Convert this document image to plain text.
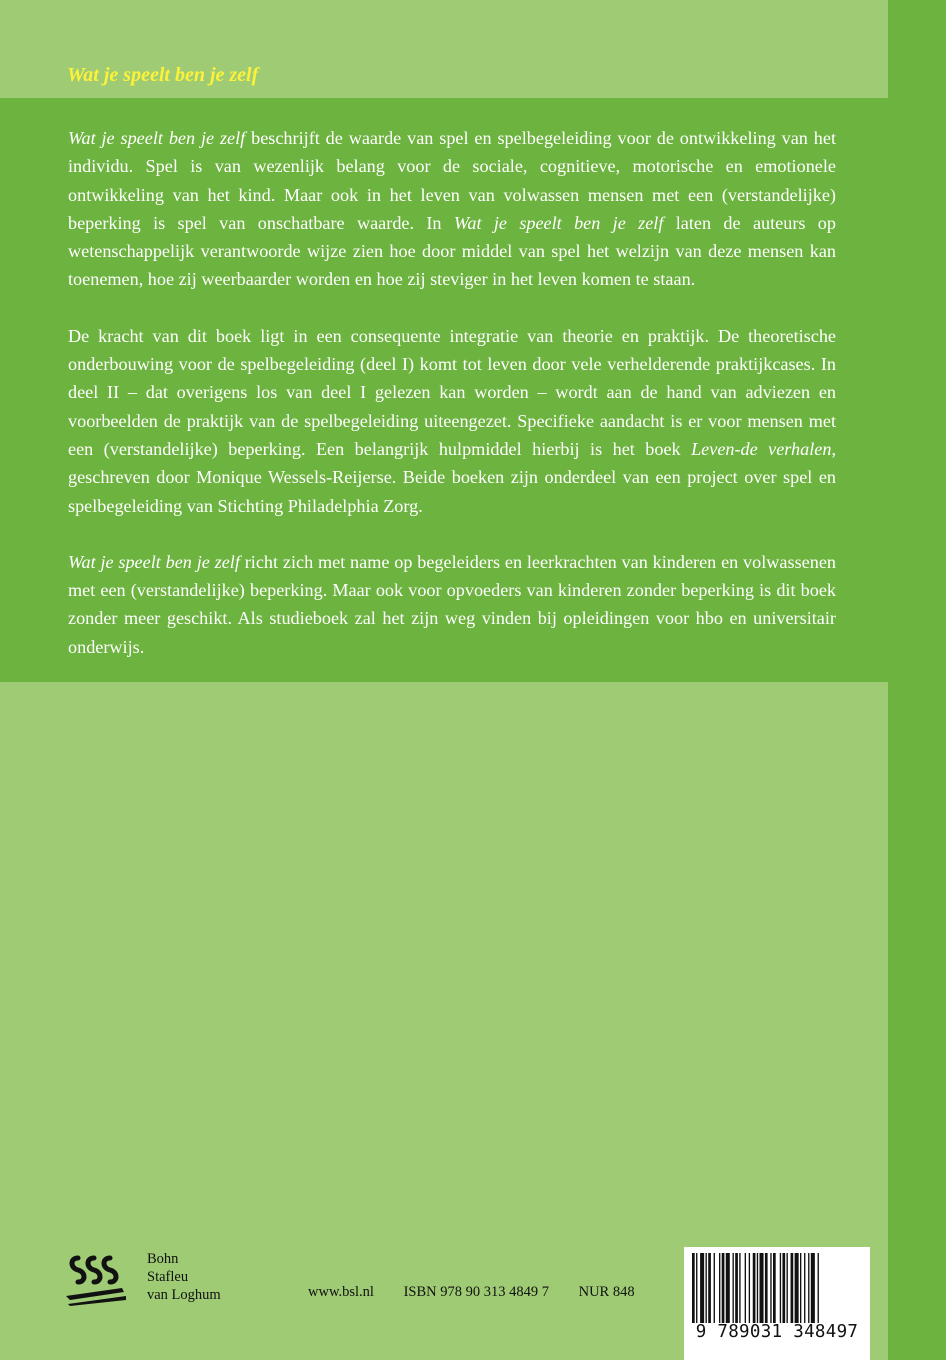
Wat je speelt ben je zelf

Wat je speelt ben je zelf beschrijft de waarde van spel en spelbegeleiding voor de ontwikkeling van het individu. Spel is van wezenlijk belang voor de sociale, cognitieve, motorische en emotionele ontwikkeling van het kind. Maar ook in het leven van volwassen mensen met een (verstandelijke) beperking is spel van onschatbare waarde. In Wat je speelt ben je zelf laten de auteurs op wetenschappelijk verantwoorde wijze zien hoe door middel van spel het welzijn van deze mensen kan toenemen, hoe zij weerbaarder worden en hoe zij steviger in het leven komen te staan.

De kracht van dit boek ligt in een consequente integratie van theorie en praktijk. De theoretische onderbouwing voor de spelbegeleiding (deel I) komt tot leven door vele verhelderende praktijkcases. In deel II – dat overigens los van deel I gelezen kan worden – wordt aan de hand van adviezen en voorbeelden de praktijk van de spelbegeleiding uiteengezet. Specifieke aandacht is er voor mensen met een (verstandelijke) beperking. Een belangrijk hulpmiddel hierbij is het boek Leven-de verhalen, geschreven door Monique Wessels-Reijerse. Beide boeken zijn onderdeel van een project over spel en spelbegeleiding van Stichting Philadelphia Zorg.

Wat je speelt ben je zelf richt zich met name op begeleiders en leerkrachten van kinderen en volwassenen met een (verstandelijke) beperking. Maar ook voor opvoeders van kinderen zonder beperking is dit boek zonder meer geschikt. Als studieboek zal het zijn weg vinden bij opleidingen voor hbo en universitair onderwijs.

Bohn
Stafleu
van Loghum	www.bsl.nl ISBN 978 90 313 4849 7 NUR 848
9 789031 348497
